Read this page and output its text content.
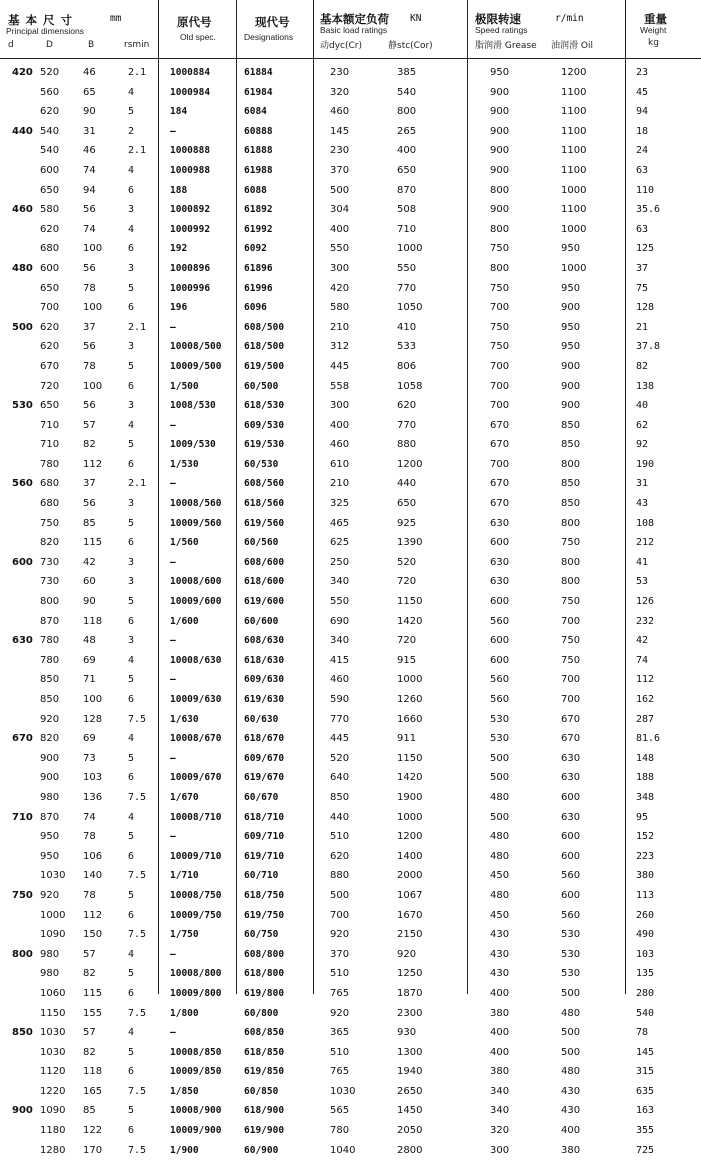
基 本 尺 寸	mm
Principal dimensions
d	D	B	rsmin
原代号
Old spec.
现代号
Designations
基本额定负荷 KN
Basic load ratings
动dyc(Cr)	静stc(Cor)
极限转速	r/min
Speed ratings
脂润滑 Grease 油润滑 Oil
重量
Weight
kg
420 520 46	2.1	1000884	61884	230	385	950	1200	23
560 65	4	1000984	61984	320	540	900	1100	45
620 90	5	184	6084	460	800	900	1100	94
440 540 31	2	–	60888	145	265	900	1100	18
540 46	2.1	1000888	61888	230	400	900	1100	24
600 74	4	1000988	61988	370	650	900	1100	63
650 94	6	188	6088	500	870	800	1000	110
460 580 56	3	1000892	61892	304	508	900	1100	35.6
620 74	4	1000992	61992	400	710	800	1000	63
680 100	6	192	6092	550	1000	750	950	125
480 600 56	3	1000896	61896	300	550	800	1000	37
650 78	5	1000996	61996	420	770	750	950	75
700 100	6	196	6096	580	1050	700	900	128
500 620 37	2.1	–	608/500	210	410	750	950	21
620 56	3	10008/500 618/500	312	533	750	950	37.8
670 78	5	10009/500 619/500	445	806	700	900	82
720 100	6	1/500	60/500	558	1058	700	900	138
530 650 56	3	1008/530	618/530	300	620	700	900	40
710 57	4	–	609/530	400	770	670	850	62
710 82	5	1009/530	619/530	460	880	670	850	92
780 112	6	1/530	60/530	610	1200	700	800	190
560 680 37	2.1	–	608/560	210	440	670	850	31
680 56	3	10008/560 618/560	325	650	670	850	43
750 85	5	10009/560 619/560	465	925	630	800	108
820 115	6	1/560	60/560	625	1390	600	750	212
600 730 42	3	–	608/600	250	520	630	800	41
730 60	3	10008/600 618/600	340	720	630	800	53
800 90	5	10009/600 619/600	550	1150	600	750	126
870 118	6	1/600	60/600	690	1420	560	700	232
630 780 48	3	–	608/630	340	720	600	750	42
780 69	4	10008/630 618/630	415	915	600	750	74
850 71	5	–	609/630	460	1000	560	700	112
850 100	6	10009/630 619/630	590	1260	560	700	162
920 128	7.5	1/630	60/630	770	1660	530	670	287
670 820 69	4	10008/670 618/670	445	911	530	670	81.6
900 73	5	–	609/670	520	1150	500	630	148
900 103	6	10009/670 619/670	640	1420	500	630	188
980 136	7.5	1/670	60/670	850	1900	480	600	348
710 870 74	4	10008/710 618/710	440	1000	500	630	95
950 78	5	–	609/710	510	1200	480	600	152
950 106	6	10009/710 619/710	620	1400	480	600	223
1030 140	7.5	1/710	60/710	880	2000	450	560	380
750 920 78	5	10008/750 618/750	500	1067	480	600	113
1000 112	6	10009/750 619/750	700	1670	450	560	260
1090 150	7.5	1/750	60/750	920	2150	430	530	490
800 980 57	4	–	608/800	370	920	430	530	103
980 82	5	10008/800 618/800	510	1250	430	530	135
1060 115	6	10009/800 619/800	765	1870	400	500	280
1150 155	7.5	1/800	60/800	920	2300	380	480	540
850 1030 57	4	–	608/850	365	930	400	500	78
1030 82	5	10008/850 618/850	510	1300	400	500	145
1120 118	6	10009/850 619/850	765	1940	380	480	315
1220 165	7.5	1/850	60/850	1030	2650	340	430	635
900 1090 85	5	10008/900 618/900	565	1450	340	430	163
1180 122	6	10009/900 619/900	780	2050	320	400	355
1280 170	7.5	1/900	60/900	1040	2800	300	380	725
